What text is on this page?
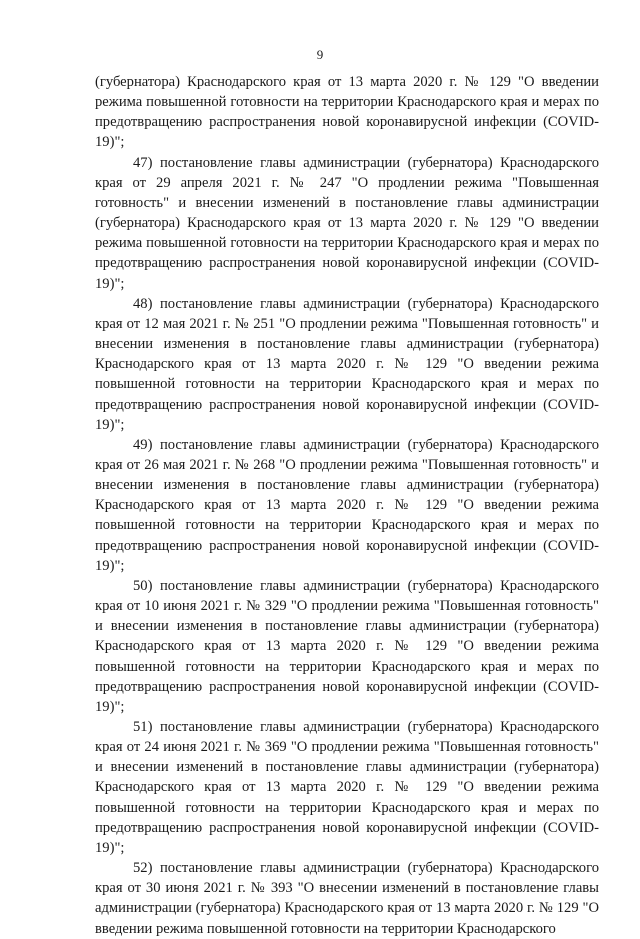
9

(губернатора) Краснодарского края от 13 марта 2020 г. № 129 "О введении режима повышенной готовности на территории Краснодарского края и мерах по предотвращению распространения новой коронавирусной инфекции (COVID-19)";

47) постановление главы администрации (губернатора) Краснодарского края от 29 апреля 2021 г. № 247 "О продлении режима "Повышенная готовность" и внесении изменений в постановление главы администрации (губернатора) Краснодарского края от 13 марта 2020 г. № 129 "О введении режима повышенной готовности на территории Краснодарского края и мерах по предотвращению распространения новой коронавирусной инфекции (COVID-19)";

48) постановление главы администрации (губернатора) Краснодарского края от 12 мая 2021 г. № 251 "О продлении режима "Повышенная готовность" и внесении изменения в постановление главы администрации (губернатора) Краснодарского края от 13 марта 2020 г. № 129 "О введении режима повышенной готовности на территории Краснодарского края и мерах по предотвращению распространения новой коронавирусной инфекции (COVID-19)";

49) постановление главы администрации (губернатора) Краснодарского края от 26 мая 2021 г. № 268 "О продлении режима "Повышенная готовность" и внесении изменения в постановление главы администрации (губернатора) Краснодарского края от 13 марта 2020 г. № 129 "О введении режима повышенной готовности на территории Краснодарского края и мерах по предотвращению распространения новой коронавирусной инфекции (COVID-19)";

50) постановление главы администрации (губернатора) Краснодарского края от 10 июня 2021 г. № 329 "О продлении режима "Повышенная готовность" и внесении изменения в постановление главы администрации (губернатора) Краснодарского края от 13 марта 2020 г. № 129 "О введении режима повышенной готовности на территории Краснодарского края и мерах по предотвращению распространения новой коронавирусной инфекции (COVID-19)";

51) постановление главы администрации (губернатора) Краснодарского края от 24 июня 2021 г. № 369 "О продлении режима "Повышенная готовность" и внесении изменений в постановление главы администрации (губернатора) Краснодарского края от 13 марта 2020 г. № 129 "О введении режима повышенной готовности на территории Краснодарского края и мерах по предотвращению распространения новой коронавирусной инфекции (COVID-19)";

52) постановление главы администрации (губернатора) Краснодарского края от 30 июня 2021 г. № 393 "О внесении изменений в постановление главы администрации (губернатора) Краснодарского края от 13 марта 2020 г. № 129 "О введении режима повышенной готовности на территории Краснодарского
